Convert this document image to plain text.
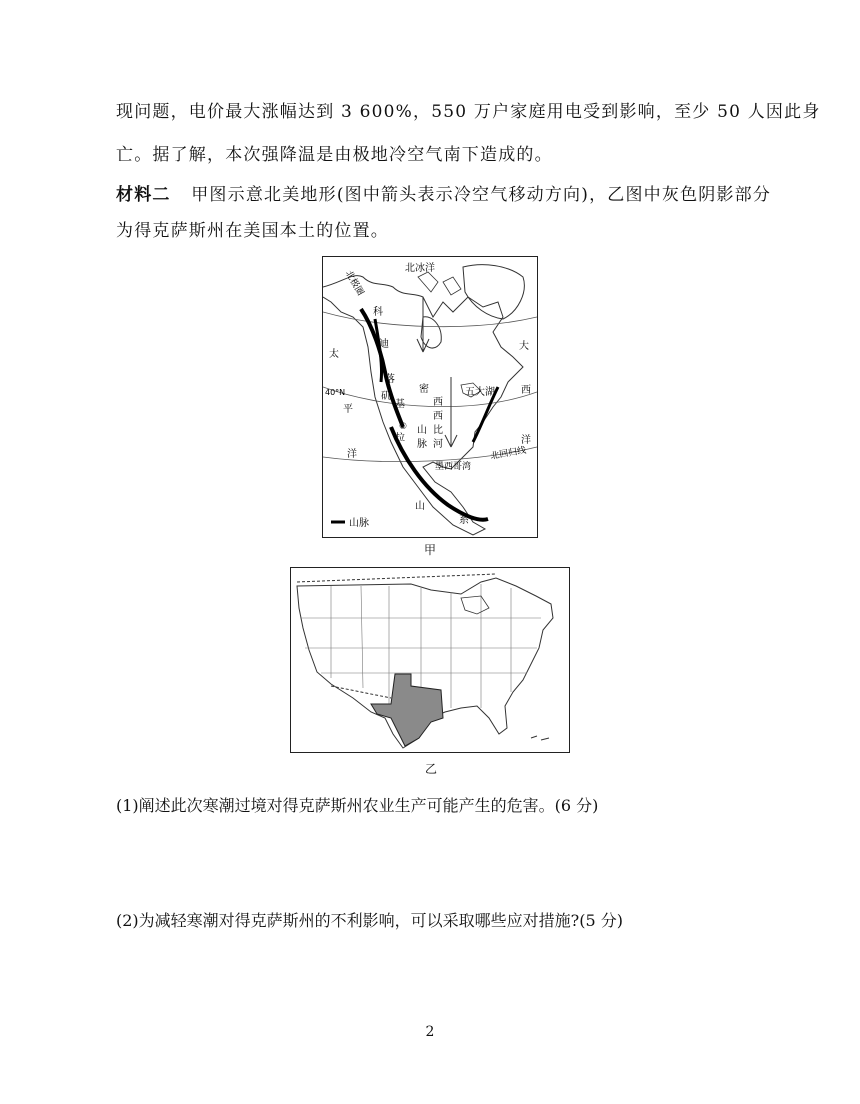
现问题，电价最大涨幅达到 3 600%，550 万户家庭用电受到影响，至少 50 人因此身
亡。据了解，本次强降温是由极地冷空气南下造成的。
材料二 甲图示意北美地形(图中箭头表示冷空气移动方向)，乙图中灰色阴影部分
为得克萨斯州在美国本土的位置。
北冰洋
北极圈
科
迪
落
矶
基
山
脉
密
西
西
比
河
五大湖
太
平
洋
大
西
洋
40°N
①
拉
墨西哥湾
北回归线
山
系
山脉
甲
乙
(1)阐述此次寒潮过境对得克萨斯州农业生产可能产生的危害。(6 分)
(2)为减轻寒潮对得克萨斯州的不利影响，可以采取哪些应对措施?(5 分)
2
